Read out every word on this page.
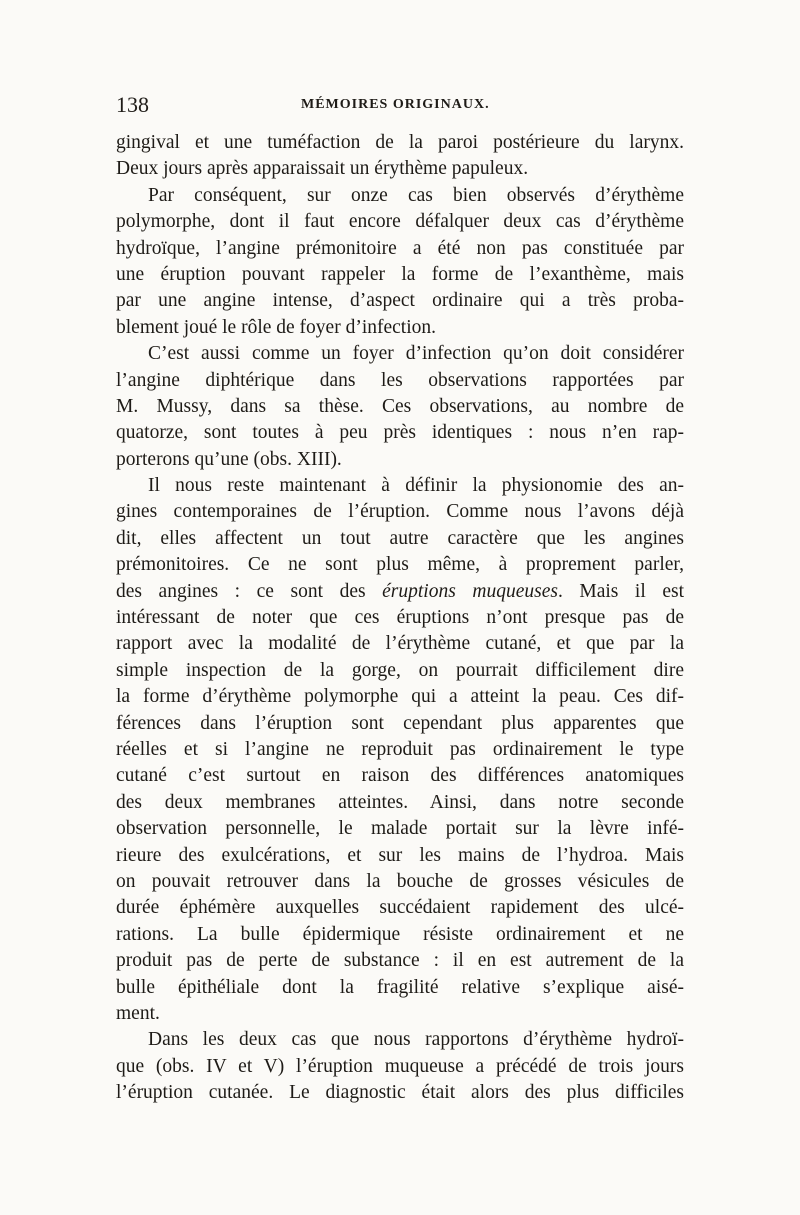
138	MÉMOIRES ORIGINAUX.
gingival et une tuméfaction de la paroi postérieure du larynx.
Deux jours après apparaissait un érythème papuleux.
Par conséquent, sur onze cas bien observés d’érythème
polymorphe, dont il faut encore défalquer deux cas d’érythème
hydroïque, l’angine prémonitoire a été non pas constituée par
une éruption pouvant rappeler la forme de l’exanthème, mais
par une angine intense, d’aspect ordinaire qui a très proba-
blement joué le rôle de foyer d’infection.
C’est aussi comme un foyer d’infection qu’on doit considérer
l’angine diphtérique dans les observations rapportées par
M. Mussy, dans sa thèse. Ces observations, au nombre de
quatorze, sont toutes à peu près identiques : nous n’en rap-
porterons qu’une (obs. XIII).
Il nous reste maintenant à définir la physionomie des an-
gines contemporaines de l’éruption. Comme nous l’avons déjà
dit, elles affectent un tout autre caractère que les angines
prémonitoires. Ce ne sont plus même, à proprement parler,
des angines : ce sont des éruptions muqueuses. Mais il est
intéressant de noter que ces éruptions n’ont presque pas de
rapport avec la modalité de l’érythème cutané, et que par la
simple inspection de la gorge, on pourrait difficilement dire
la forme d’érythème polymorphe qui a atteint la peau. Ces dif-
férences dans l’éruption sont cependant plus apparentes que
réelles et si l’angine ne reproduit pas ordinairement le type
cutané c’est surtout en raison des différences anatomiques
des deux membranes atteintes. Ainsi, dans notre seconde
observation personnelle, le malade portait sur la lèvre infé-
rieure des exulcérations, et sur les mains de l’hydroa. Mais
on pouvait retrouver dans la bouche de grosses vésicules de
durée éphémère auxquelles succédaient rapidement des ulcé-
rations. La bulle épidermique résiste ordinairement et ne
produit pas de perte de substance : il en est autrement de la
bulle épithéliale dont la fragilité relative s’explique aisé-
ment.
Dans les deux cas que nous rapportons d’érythème hydroï-
que (obs. IV et V) l’éruption muqueuse a précédé de trois jours
l’éruption cutanée. Le diagnostic était alors des plus difficiles
